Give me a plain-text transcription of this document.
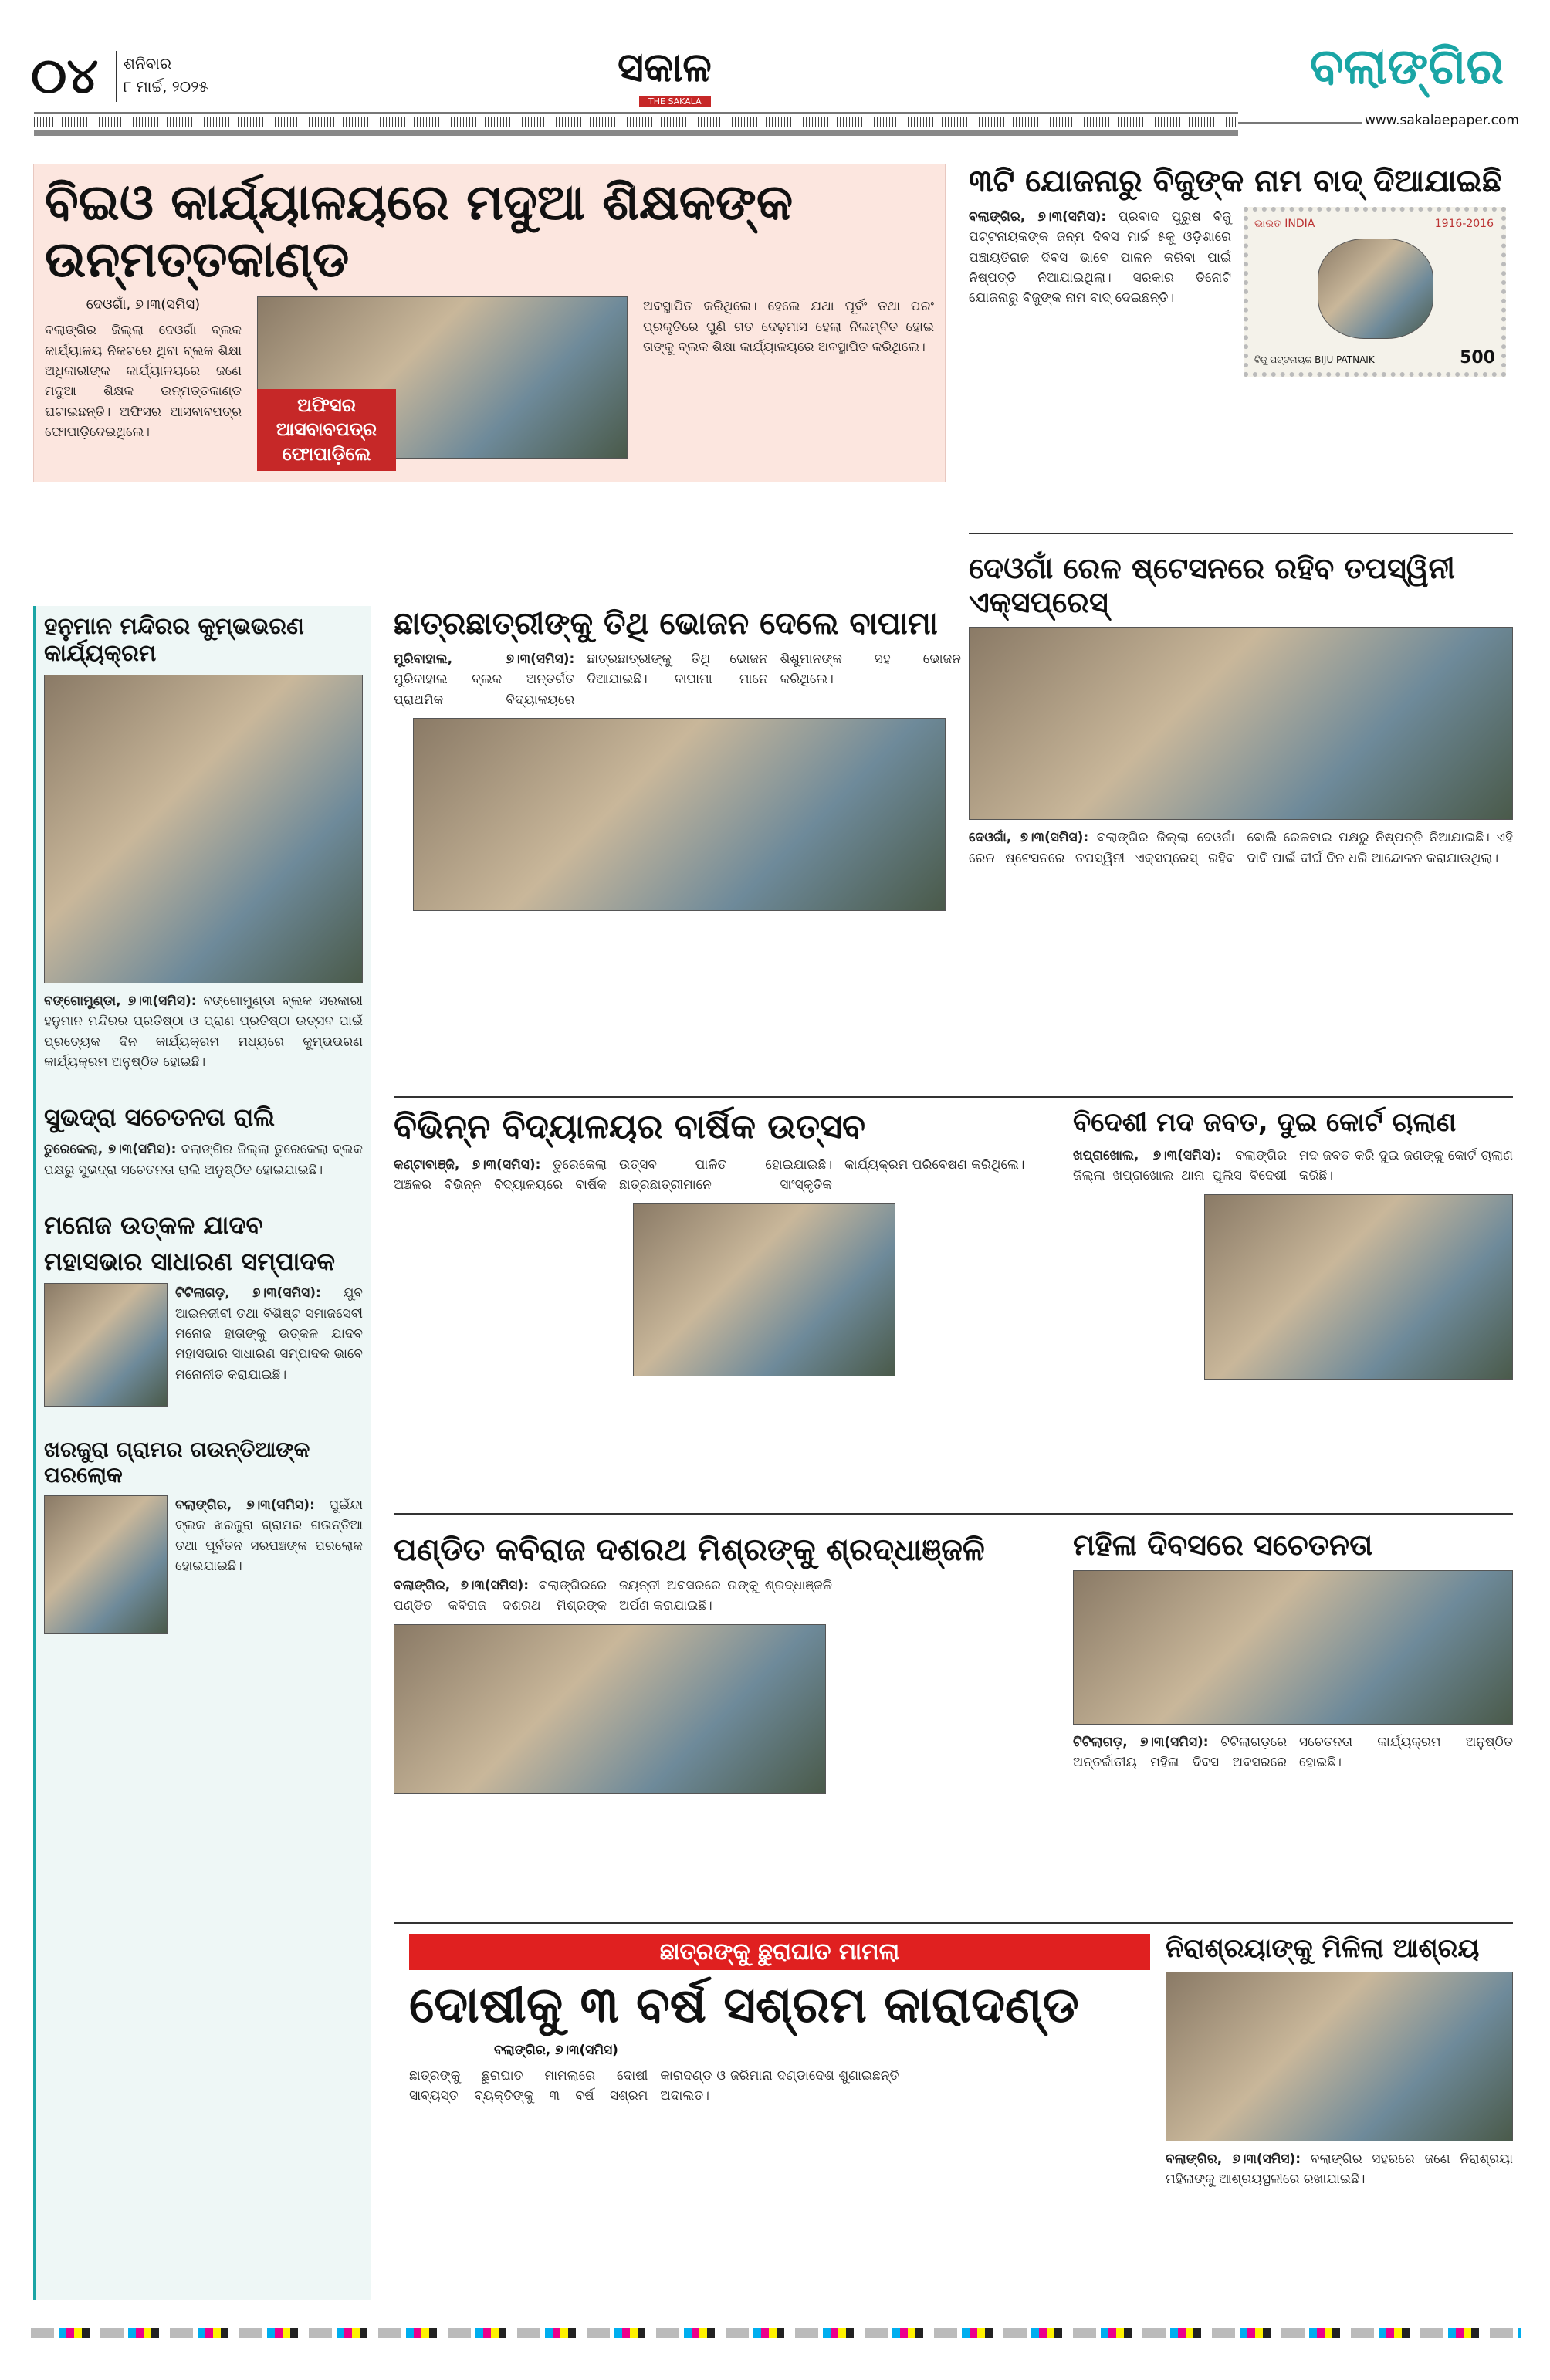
୦୪ ଶନିବାର
୮ ମାର୍ଚ୍ଚ, ୨୦୨୫	ସକାଳ
THE SAKALA
ବଲାଙ୍ଗିର
www.sakalaepaper.com
ବିଇଓ କାର୍ଯ୍ୟାଳୟରେ ମଦୁଆ ଶିକ୍ଷକଙ୍କ ଉନ୍ମତ୍ତକାଣ୍ଡ
ଦେଓଗାଁ, ୭।୩(ସମିସ)
ବଲାଙ୍ଗିର ଜିଲ୍ଲା ଦେଓଗାଁ ବ୍ଲକ କାର୍ଯ୍ୟାଳୟ ନିକଟରେ ଥିବା ବ୍ଲକ ଶିକ୍ଷା ଅଧିକାରୀଙ୍କ କାର୍ଯ୍ୟାଳୟରେ ଜଣେ ମଦୁଆ ଶିକ୍ଷକ ଉନ୍ମତ୍ତକାଣ୍ଡ ଘଟାଇଛନ୍ତି। ଅଫିସର ଆସବାବପତ୍ର ଫୋପାଡ଼ିଦେଇଥିଲେ।
ଅଫିସର ଆସବାବପତ୍ର ଫୋପାଡ଼ିଲେ
ଅବସ୍ଥାପିତ କରିଥିଲେ। ହେଲେ ଯଥା ପୂର୍ବଂ ତଥା ପରଂ ପ୍ରକୃତିରେ ପୁଣି ଗତ ଦେଢ଼ମାସ ହେଲା ନିଲମ୍ବିତ ହୋଇ ତାଙ୍କୁ ବ୍ଲକ ଶିକ୍ଷା କାର୍ଯ୍ୟାଳୟରେ ଅବସ୍ଥାପିତ କରିଥିଲେ।
୩ଟି ଯୋଜନାରୁ ବିଜୁଙ୍କ ନାମ ବାଦ୍ ଦିଆଯାଇଛି
ବଲାଙ୍ଗିର, ୭।୩(ସମିସ): ପ୍ରବାଦ ପୁରୁଷ ବିଜୁ ପଟ୍ଟନାୟକଙ୍କ ଜନ୍ମ ଦିବସ ମାର୍ଚ୍ଚ ୫କୁ ଓଡ଼ିଶାରେ ପଞ୍ଚାୟତିରାଜ ଦିବସ ଭାବେ ପାଳନ କରିବା ପାଇଁ ନିଷ୍ପତ୍ତି ନିଆଯାଇଥିଲା। ସରକାର ତିନୋଟି ଯୋଜନାରୁ ବିଜୁଙ୍କ ନାମ ବାଦ୍ ଦେଇଛନ୍ତି।
ଭାରତ INDIA	1916-2016
ବିଜୁ ପଟ୍ଟନାୟକ BIJU PATNAIK	500
ଦେଓଗାଁ ରେଳ ଷ୍ଟେସନରେ ରହିବ ତପସ୍ୱିନୀ ଏକ୍ସପ୍ରେସ୍
ଦେଓଗାଁ, ୭।୩(ସମିସ): ବଲାଙ୍ଗିର ଜିଲ୍ଲା ଦେଓଗାଁ ରେଳ ଷ୍ଟେସନରେ ତପସ୍ୱିନୀ ଏକ୍ସପ୍ରେସ୍ ରହିବ ବୋଲି ରେଳବାଇ ପକ୍ଷରୁ ନିଷ୍ପତ୍ତି ନିଆଯାଇଛି। ଏହି ଦାବି ପାଇଁ ଦୀର୍ଘ ଦିନ ଧରି ଆନ୍ଦୋଳନ କରାଯାଉଥିଲା।
ହନୁମାନ ମନ୍ଦିରର କୁମ୍ଭଭରଣ କାର୍ଯ୍ୟକ୍ରମ
ବଙ୍ଗୋମୁଣ୍ଡା, ୭।୩(ସମିସ): ବଙ୍ଗୋମୁଣ୍ଡା ବ୍ଲକ ସରକାରୀ ହନୁମାନ ମନ୍ଦିରର ପ୍ରତିଷ୍ଠା ଓ ପ୍ରାଣ ପ୍ରତିଷ୍ଠା ଉତ୍ସବ ପାଇଁ ପ୍ରତ୍ୟେକ ଦିନ କାର୍ଯ୍ୟକ୍ରମ ମଧ୍ୟରେ କୁମ୍ଭଭରଣ କାର୍ଯ୍ୟକ୍ରମ ଅନୁଷ୍ଠିତ ହୋଇଛି।
ସୁଭଦ୍ରା ସଚେତନତା ରାଲି
ତୁରେକେଲା, ୭।୩(ସମିସ): ବଲାଙ୍ଗିର ଜିଲ୍ଲା ତୁରେକେଲା ବ୍ଲକ ପକ୍ଷରୁ ସୁଭଦ୍ରା ସଚେତନତା ରାଲି ଅନୁଷ୍ଠିତ ହୋଇଯାଇଛି।
ମନୋଜ ଉତ୍କଳ ଯାଦବ
ମହାସଭାର ସାଧାରଣ ସମ୍ପାଦକ
ଟିଟିଲାଗଡ଼, ୭।୩(ସମିସ): ଯୁବ ଆଇନଜୀବୀ ତଥା ବିଶିଷ୍ଟ ସମାଜସେବୀ ମନୋଜ ହାତାଙ୍କୁ ଉତ୍କଳ ଯାଦବ ମହାସଭାର ସାଧାରଣ ସମ୍ପାଦକ ଭାବେ ମନୋନୀତ କରାଯାଇଛି।
ଖରଜୁରା ଗ୍ରାମର ଗଉନ୍ତିଆଙ୍କ ପରଲୋକ
ବଲାଙ୍ଗିର, ୭।୩(ସମିସ): ପୁଇଁନ୍ଦା ବ୍ଲକ ଖରଜୁରା ଗ୍ରାମର ଗଉନ୍ତିଆ ତଥା ପୂର୍ବତନ ସରପଞ୍ଚଙ୍କ ପରଲୋକ ହୋଇଯାଇଛି।
ଛାତ୍ରଛାତ୍ରୀଙ୍କୁ ତିଥି ଭୋଜନ ଦେଲେ ବାପାମା
ମୁରିବାହାଲ, ୭।୩(ସମିସ): ମୁରିବାହାଲ ବ୍ଲକ ଅନ୍ତର୍ଗତ ପ୍ରାଥମିକ ବିଦ୍ୟାଳୟରେ ଛାତ୍ରଛାତ୍ରୀଙ୍କୁ ତିଥି ଭୋଜନ ଦିଆଯାଇଛି। ବାପାମା ମାନେ ଶିଶୁମାନଙ୍କ ସହ ଭୋଜନ କରିଥିଲେ।
ବିଭିନ୍ନ ବିଦ୍ୟାଳୟର ବାର୍ଷିକ ଉତ୍ସବ
କଣ୍ଟାବାଞ୍ଜି, ୭।୩(ସମିସ): ତୁରେକେଲା ଅଞ୍ଚଳର ବିଭିନ୍ନ ବିଦ୍ୟାଳୟରେ ବାର୍ଷିକ ଉତ୍ସବ ପାଳିତ ହୋଇଯାଇଛି। ଛାତ୍ରଛାତ୍ରୀମାନେ ସାଂସ୍କୃତିକ କାର୍ଯ୍ୟକ୍ରମ ପରିବେଷଣ କରିଥିଲେ।
ବିଦେଶୀ ମଦ ଜବତ, ଦୁଇ କୋର୍ଟ ଚାଲାଣ
ଖପ୍ରାଖୋଲ, ୭।୩(ସମିସ): ବଲାଙ୍ଗିର ଜିଲ୍ଲା ଖପ୍ରାଖୋଲ ଥାନା ପୁଲିସ ବିଦେଶୀ ମଦ ଜବତ କରି ଦୁଇ ଜଣଙ୍କୁ କୋର୍ଟ ଚାଲାଣ କରିଛି।
ପଣ୍ଡିତ କବିରାଜ ଦଶରଥ ମିଶ୍ରଙ୍କୁ ଶ୍ରଦ୍ଧାଞ୍ଜଳି
ବଲାଙ୍ଗିର, ୭।୩(ସମିସ): ବଲାଙ୍ଗିରରେ ପଣ୍ଡିତ କବିରାଜ ଦଶରଥ ମିଶ୍ରଙ୍କ ଜୟନ୍ତୀ ଅବସରରେ ତାଙ୍କୁ ଶ୍ରଦ୍ଧାଞ୍ଜଳି ଅର୍ପଣ କରାଯାଇଛି।
ମହିଳା ଦିବସରେ ସଚେତନତା
ଟିଟିଲାଗଡ଼, ୭।୩(ସମିସ): ଟିଟିଲାଗଡ଼ରେ ଅନ୍ତର୍ଜାତୀୟ ମହିଳା ଦିବସ ଅବସରରେ ସଚେତନତା କାର୍ଯ୍ୟକ୍ରମ ଅନୁଷ୍ଠିତ ହୋଇଛି।
ଛାତ୍ରଙ୍କୁ ଛୁରାଘାତ ମାମଲା
ଦୋଷୀକୁ ୩ ବର୍ଷ ସଶ୍ରମ କାରାଦଣ୍ଡ
ବଲାଙ୍ଗିର, ୭।୩(ସମିସ)
ଛାତ୍ରଙ୍କୁ ଛୁରାଘାତ ମାମଲାରେ ଦୋଷୀ ସାବ୍ୟସ୍ତ ବ୍ୟକ୍ତିଙ୍କୁ ୩ ବର୍ଷ ସଶ୍ରମ କାରାଦଣ୍ଡ ଓ ଜରିମାନା ଦଣ୍ଡାଦେଶ ଶୁଣାଇଛନ୍ତି ଅଦାଲତ।
ନିରାଶ୍ରୟାଙ୍କୁ ମିଳିଲା ଆଶ୍ରୟ
ବଲାଙ୍ଗିର, ୭।୩(ସମିସ): ବଲାଙ୍ଗିର ସହରରେ ଜଣେ ନିରାଶ୍ରୟା ମହିଳାଙ୍କୁ ଆଶ୍ରୟସ୍ଥଳୀରେ ରଖାଯାଇଛି।
